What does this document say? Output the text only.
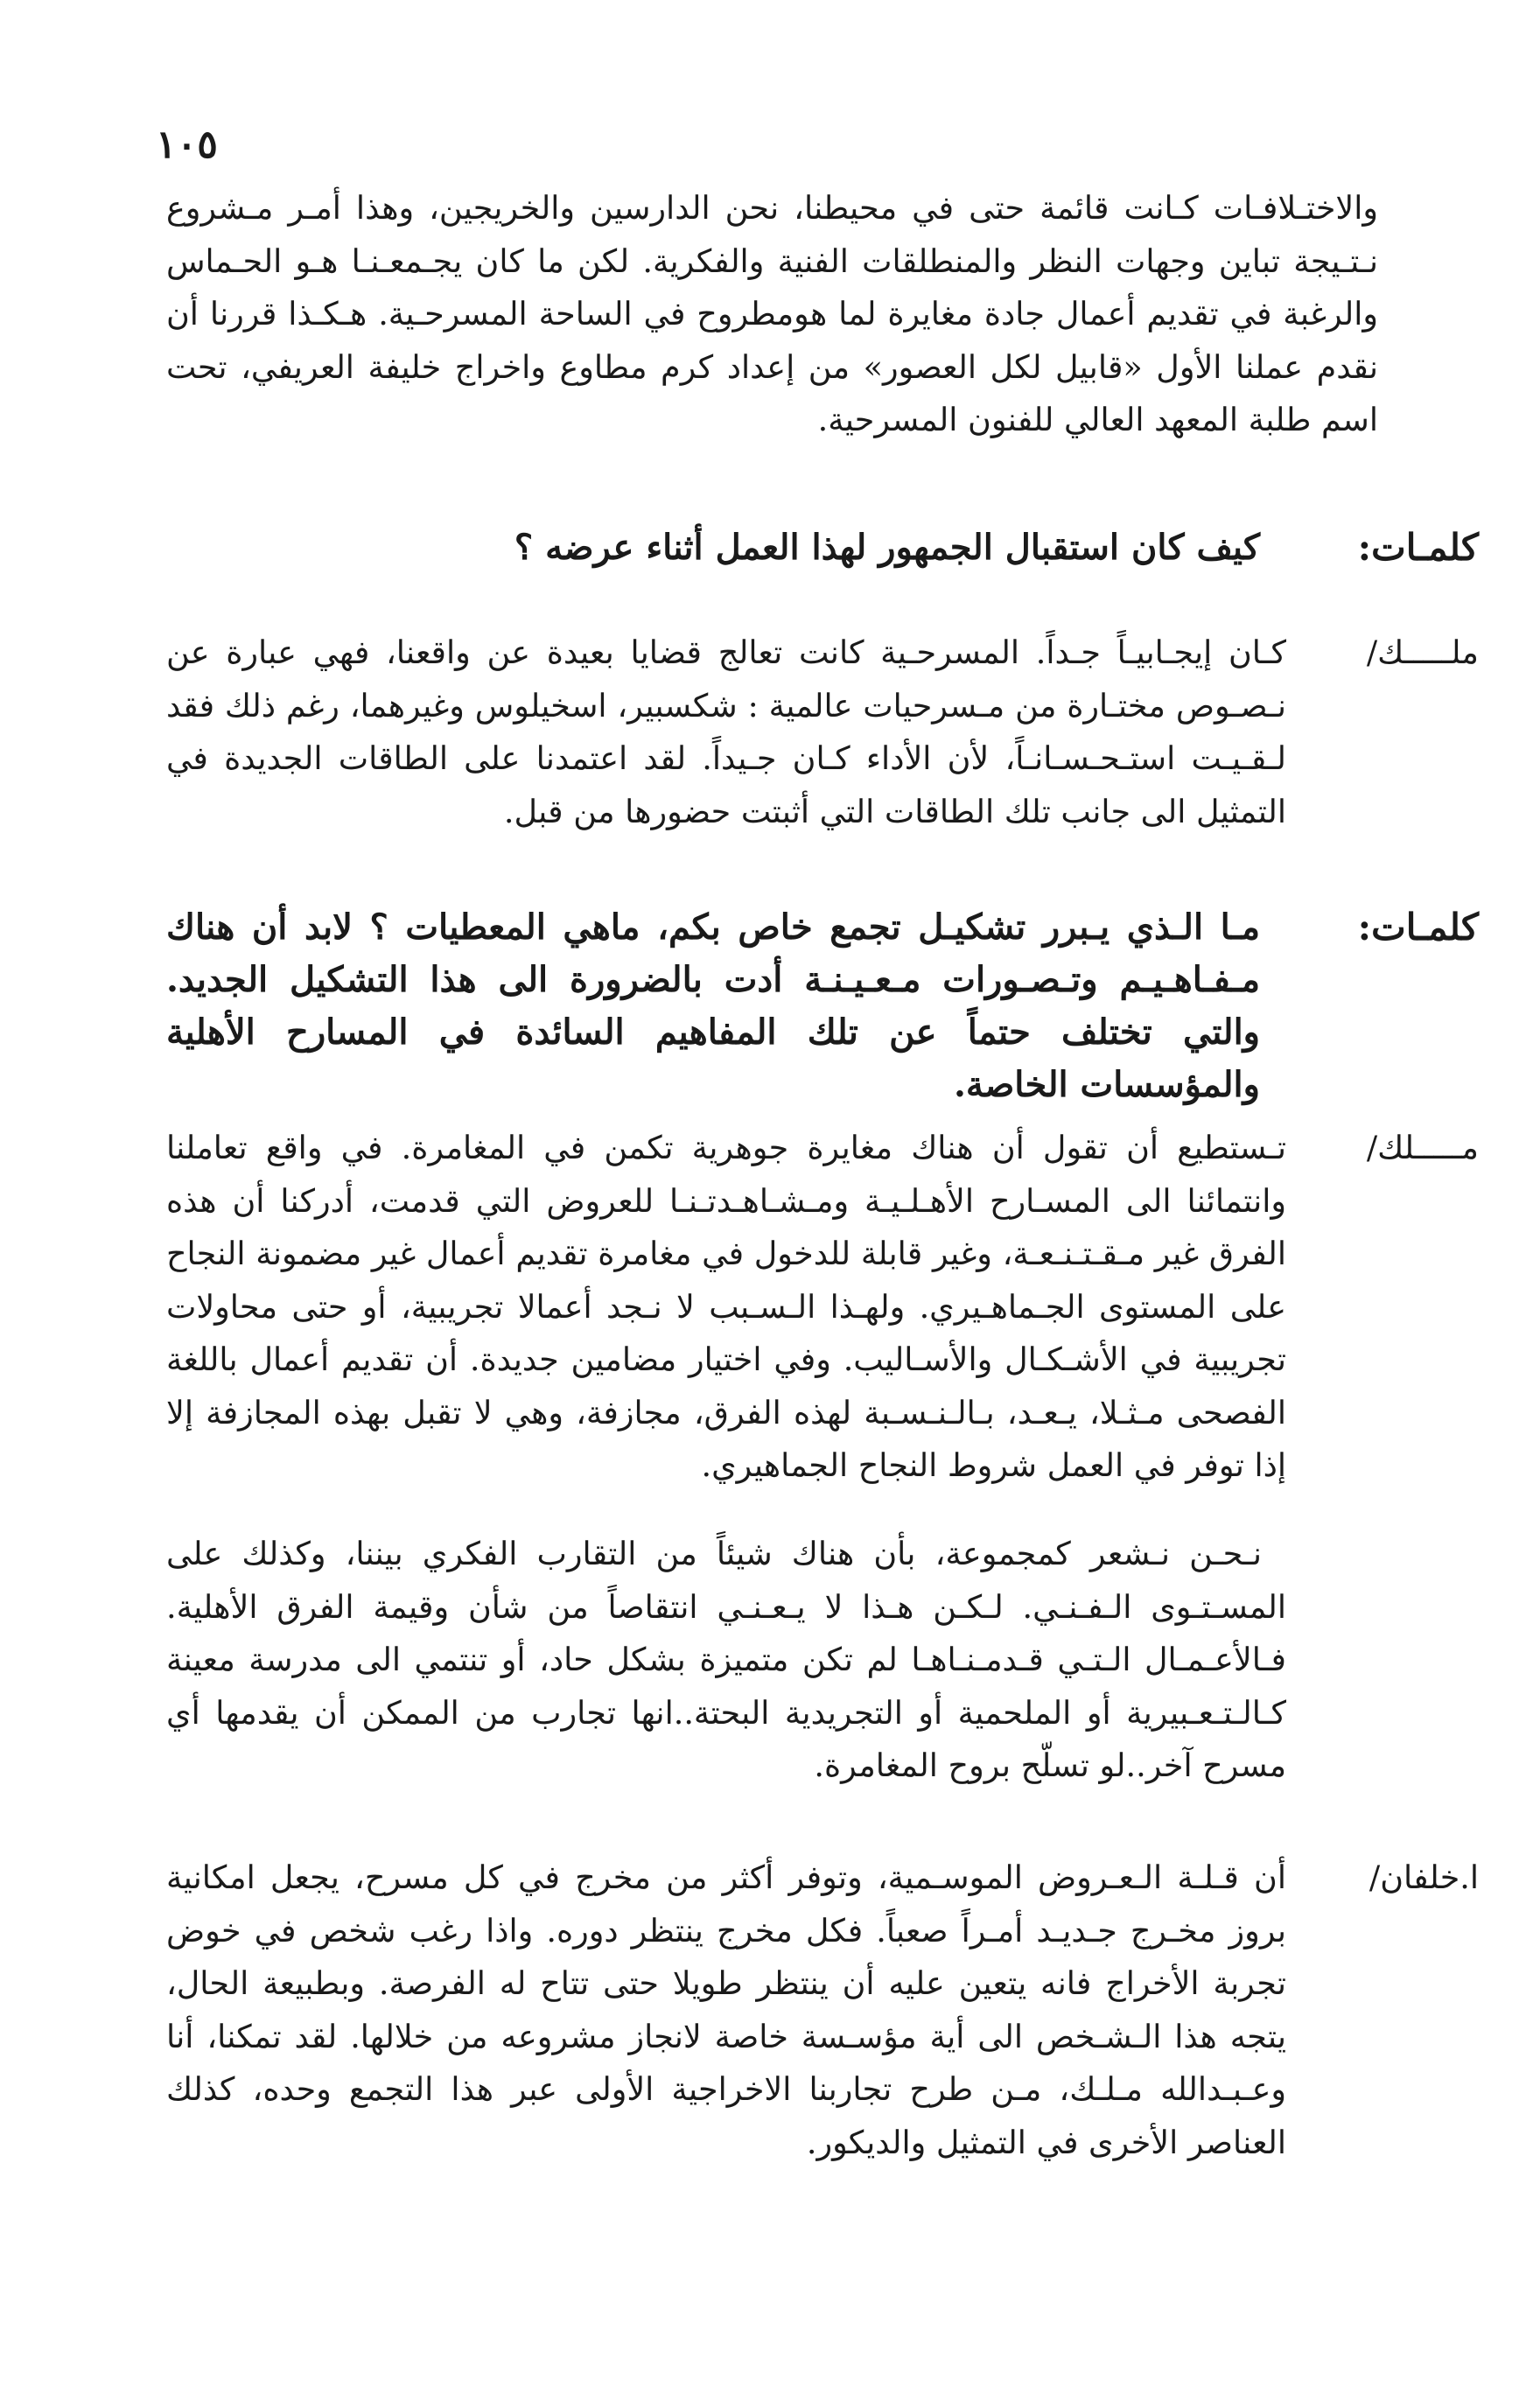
١٠٥
والاختـلافـات كـانت قائمة حتى في محيطنا، نحن الدارسين والخريجين، وهذا أمـر مـشروع نـتـيجة تباين وجهات النظر والمنطلقات الفنية والفكرية. لكن ما كان يجـمعـنـا هـو الحـماس والرغبة في تقديم أعمال جادة مغايرة لما هومطروح في الساحة المسرحـية. هـكـذا قررنا أن نقدم عملنا الأول «قابيل لكل العصور» من إعداد كرم مطاوع واخراج خليفة العريفي، تحت اسم طلبة المعهد العالي للفنون المسرحية.
كلمـات:
كيف كان استقبال الجمهور لهذا العمل أثناء عرضه ؟
ملـــــك/
كـان إيجـابيـاً جـداً. المسرحـية كانت تعالج قضايا بعيدة عن واقعنا، فهي عبارة عن نـصـوص مختـارة من مـسرحيات عالمية : شكسبير، اسخيلوس وغيرهما، رغم ذلك فقد لـقـيـت استـحـسـانـاً، لأن الأداء كـان جـيداً. لقد اعتمدنا على الطاقات الجديدة في التمثيل الى جانب تلك الطاقات التي أثبتت حضورها من قبل.
كلمـات:
مـا الـذي يـبرر تشكيـل تجمع خاص بكم، ماهي المعطيات ؟ لابد أن هناك مـفـاهـيـم وتـصـورات مـعـيـنـة أدت بالضرورة الى هذا التشكيل الجديد. والتي تختلف حتماً عن تلك المفاهيم السائدة في المسارح الأهلية والمؤسسات الخاصة.
مـــــلك/
تـستطيع أن تقول أن هناك مغايرة جوهرية تكمن في المغامرة. في واقع تعاملنا وانتمائنا الى المسـارح الأهـلـيـة ومـشـاهـدتـنـا للعروض التي قدمت، أدركنا أن هذه الفرق غير مـقـتـنـعـة، وغير قابلة للدخول في مغامرة تقديم أعمال غير مضمونة النجاح على المستوى الجـماهـيري. ولهـذا الـسـبب لا نـجد أعمالا تجريبية، أو حتى محاولات تجريبية في الأشـكـال والأسـاليب. وفي اختيار مضامين جديدة. أن تقديم أعمال باللغة الفصحى مـثـلا، يـعـد، بـالـنـسـبة لهذه الفرق، مجازفة، وهي لا تقبل بهذه المجازفة إلا إذا توفر في العمل شروط النجاح الجماهيري.
نـحـن نـشعر كمجموعة، بأن هناك شيئاً من التقارب الفكري بيننا، وكذلك على المسـتـوى الـفـنـي. لـكـن هـذا لا يـعـنـي انتقاصاً من شأن وقيمة الفرق الأهلية. فـالأعـمـال الـتـي قـدمـنـاهـا لم تكن متميزة بشكل حاد، أو تنتمي الى مدرسة معينة كـالـتـعـبيرية أو الملحمية أو التجريدية البحتة..انها تجارب من الممكن أن يقدمها أي مسرح آخر..لو تسلّح بروح المغامرة.
ا.خلفان/
أن قـلـة الـعـروض الموسـمية، وتوفر أكثر من مخرج في كل مسرح، يجعل امكانية بروز مخـرج جـديـد أمـراً صعباً. فكل مخرج ينتظر دوره. واذا رغب شخص في خوض تجربة الأخراج فانه يتعين عليه أن ينتظر طويلا حتى تتاح له الفرصة. وبطبيعة الحال، يتجه هذا الـشـخص الى أية مؤسـسة خاصة لانجاز مشروعه من خلالها. لقد تمكنا، أنا وعـبـدالله مـلـك، مـن طرح تجاربنا الاخراجية الأولى عبر هذا التجمع وحده، كذلك العناصر الأخرى في التمثيل والديكور.
